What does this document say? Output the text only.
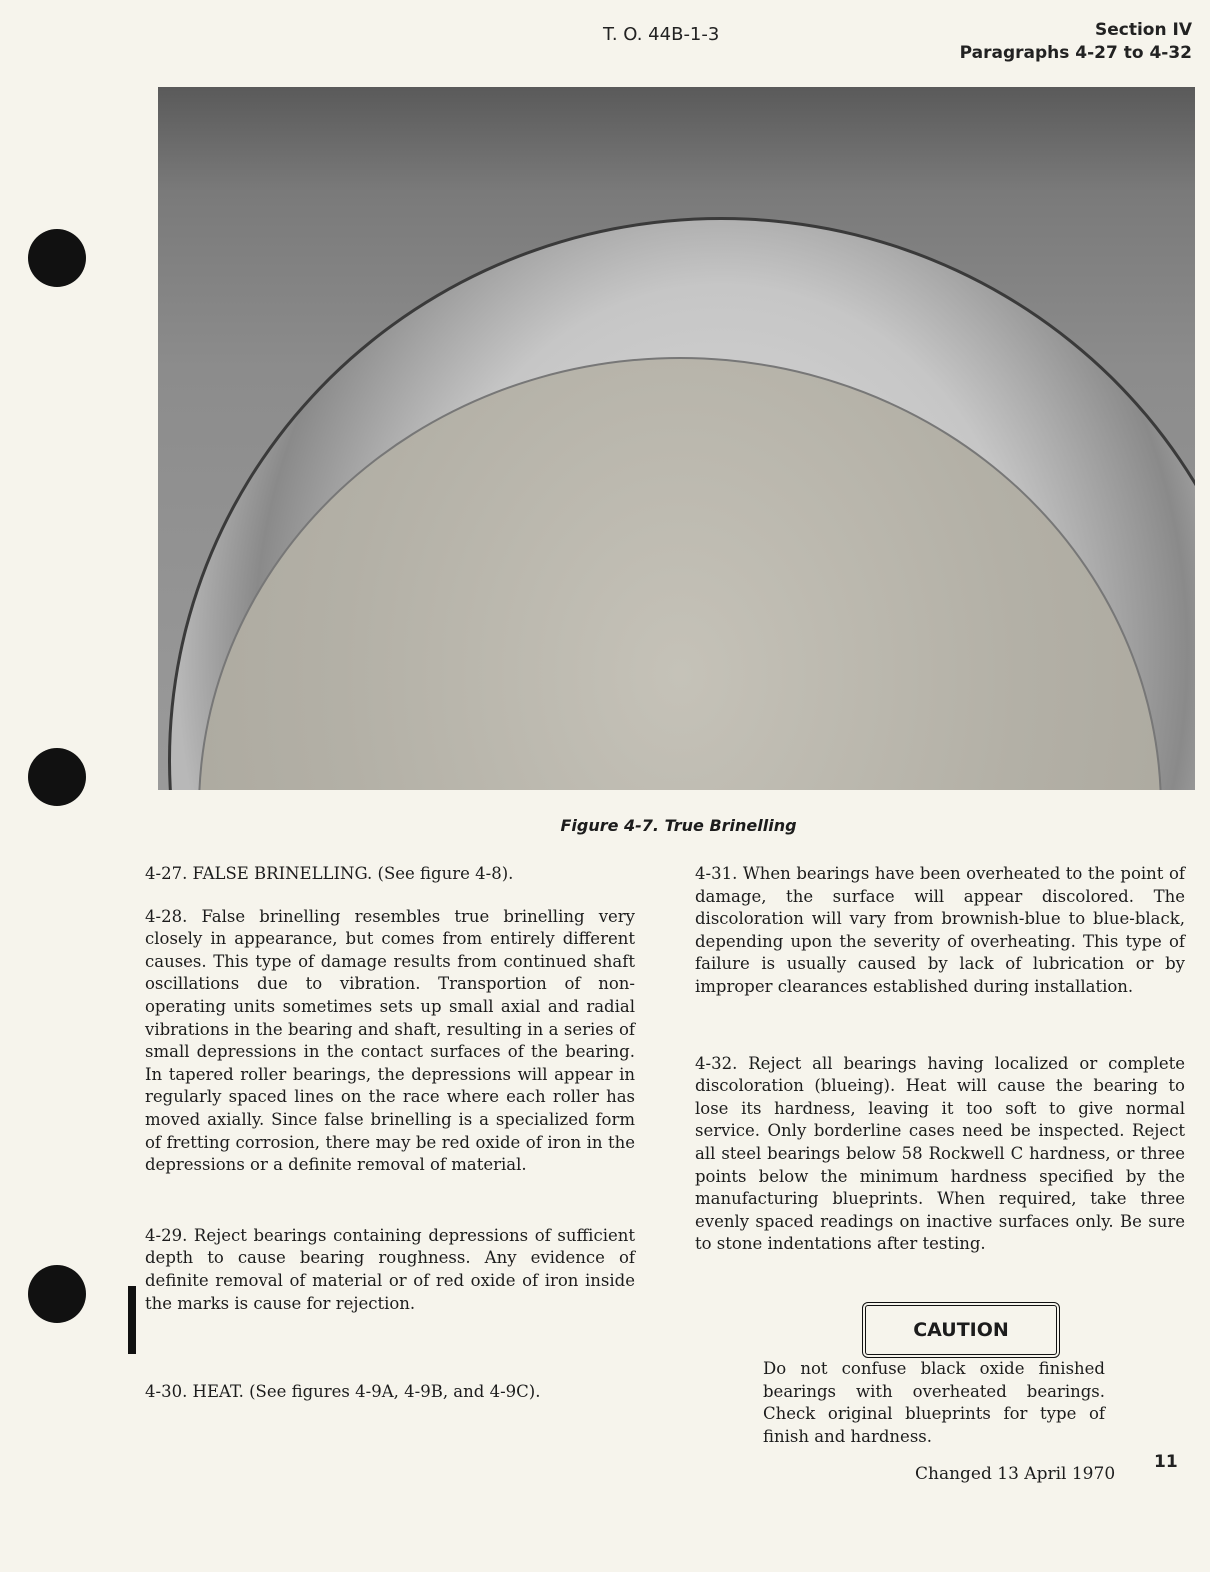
T. O. 44B-1-3	Section IV
Paragraphs 4-27 to 4-32
Figure 4-7. True Brinelling

4-27. FALSE BRINELLING. (See figure 4-8).

4-28. False brinelling resembles true brinelling very closely in appearance, but comes from entirely different causes. This type of damage results from continued shaft oscillations due to vibration. Transportion of non-operating units sometimes sets up small axial and radial vibrations in the bearing and shaft, resulting in a series of small depressions in the contact surfaces of the bearing. In tapered roller bearings, the depressions will appear in regularly spaced lines on the race where each roller has moved axially. Since false brinelling is a specialized form of fretting corrosion, there may be red oxide of iron in the depressions or a definite removal of material.

4-29. Reject bearings containing depressions of sufficient depth to cause bearing roughness. Any evidence of definite removal of material or of red oxide of iron inside the marks is cause for rejection.

4-30. HEAT. (See figures 4-9A, 4-9B, and 4-9C).

4-31. When bearings have been overheated to the point of damage, the surface will appear discolored. The discoloration will vary from brownish-blue to blue-black, depending upon the severity of overheating. This type of failure is usually caused by lack of lubrication or by improper clearances established during installation.

4-32. Reject all bearings having localized or complete discoloration (blueing). Heat will cause the bearing to lose its hardness, leaving it too soft to give normal service. Only borderline cases need be inspected. Reject all steel bearings below 58 Rockwell C hardness, or three points below the minimum hardness specified by the manufacturing blueprints. When required, take three evenly spaced readings on inactive surfaces only. Be sure to stone indentations after testing.

CAUTION
Do not confuse black oxide finished bearings with overheated bearings. Check original blueprints for type of finish and hardness.
Changed 13 April 1970
11
